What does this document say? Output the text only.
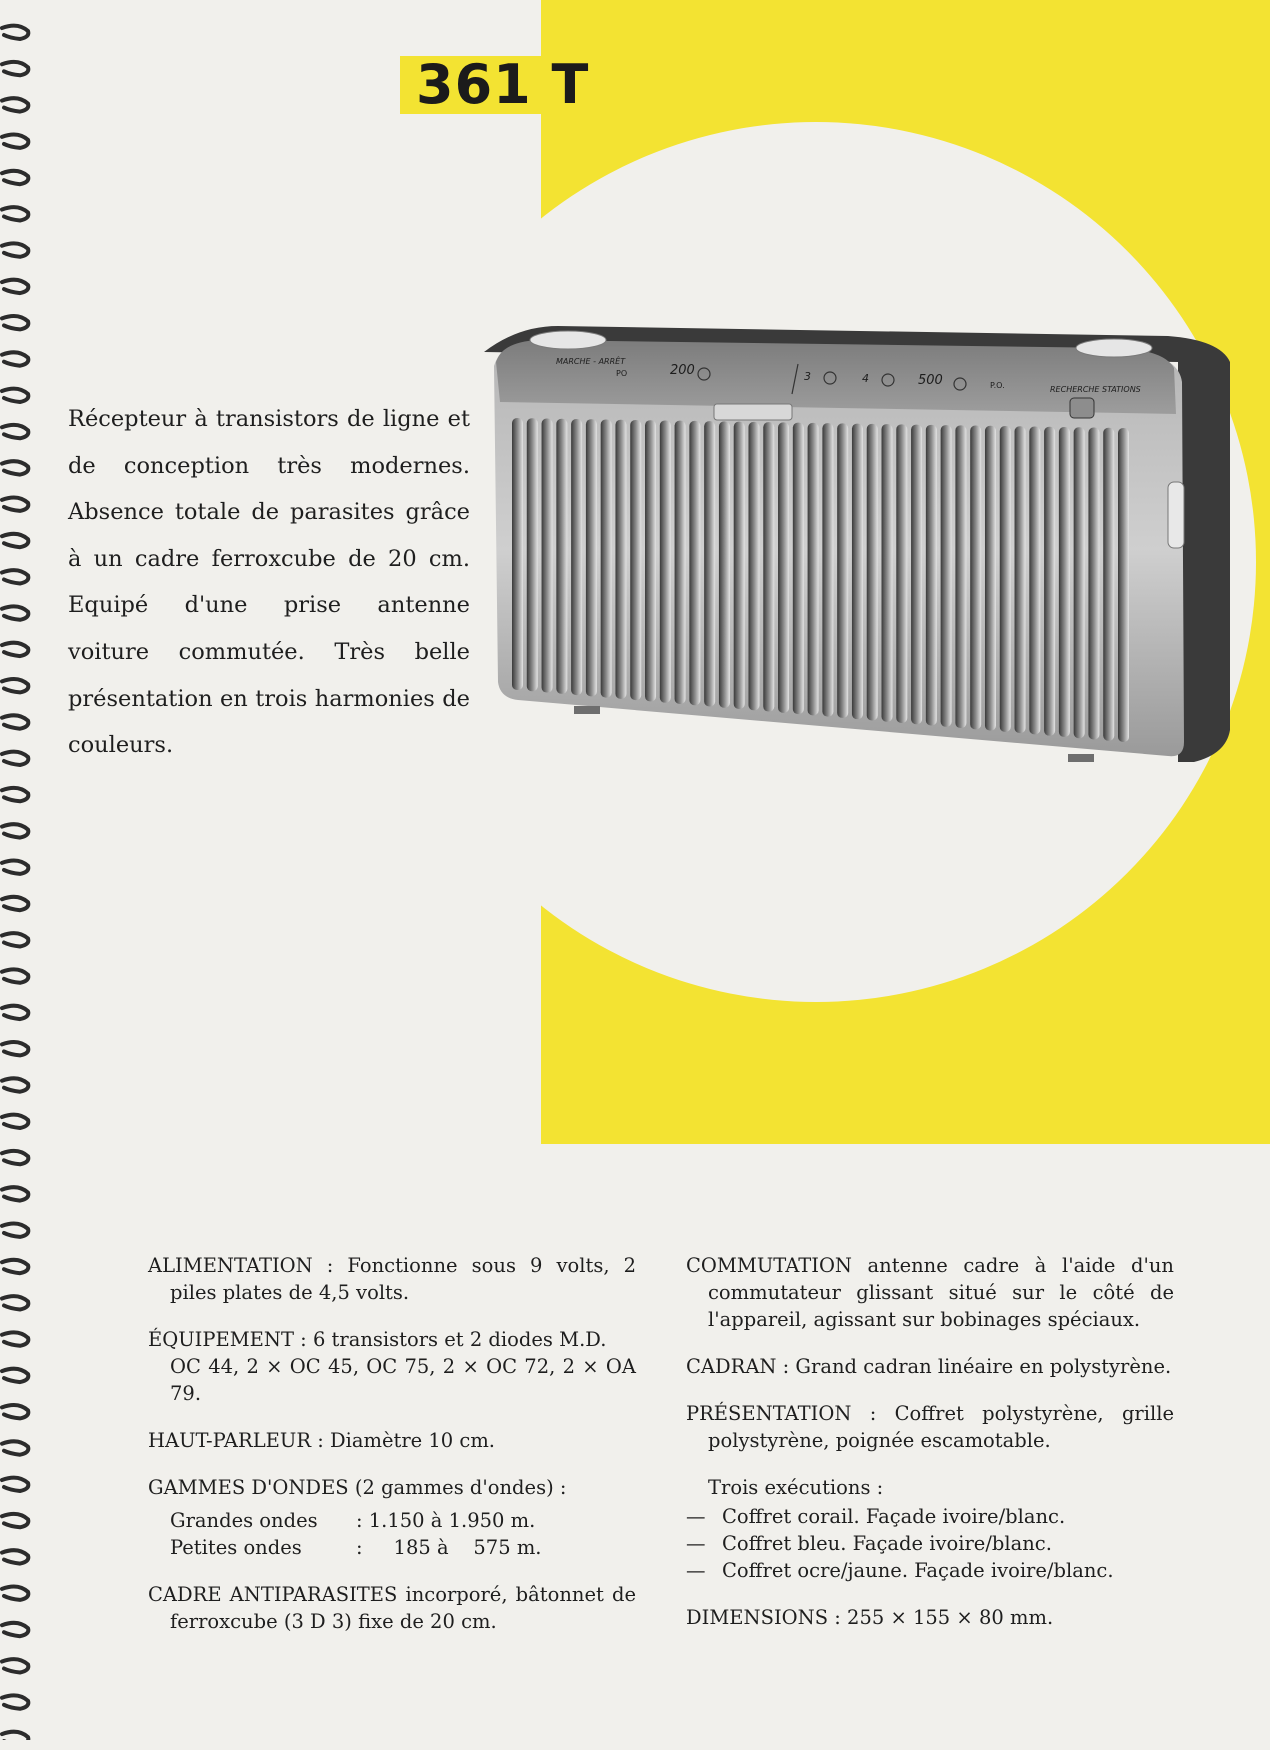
361 T
Récepteur à transistors de ligne et de conception très modernes. Absence totale de parasites grâce à un cadre ferroxcube de 20 cm. Equipé d'une prise antenne voiture commutée. Très belle présentation en trois harmonies de couleurs.
MARCHE - ARRÊT
PO	200	3	4	500	P.O.	RECHERCHE STATIONS

ALIMENTATION : Fonctionne sous 9 volts, 2 piles plates de 4,5 volts.

ÉQUIPEMENT : 6 transistors et 2 diodes M.D.

OC 44, 2 × OC 45, OC 75, 2 × OC 72, 2 × OA 79.

HAUT-PARLEUR : Diamètre 10 cm.

GAMMES D'ONDES (2 gammes d'ondes) :

Grandes ondes	: 1.150 à 1.950 m.
Petites ondes	:     185 à    575 m.

CADRE ANTIPARASITES incorporé, bâtonnet de ferroxcube (3 D 3) fixe de 20 cm.

COMMUTATION antenne cadre à l'aide d'un commutateur glissant situé sur le côté de l'appareil, agissant sur bobinages spéciaux.

CADRAN : Grand cadran linéaire en polystyrène.

PRÉSENTATION : Coffret polystyrène, grille polystyrène, poignée escamotable.

Trois exécutions :

— Coffret corail. Façade ivoire/blanc.
— Coffret bleu. Façade ivoire/blanc.
— Coffret ocre/jaune. Façade ivoire/blanc.

DIMENSIONS : 255 × 155 × 80 mm.
